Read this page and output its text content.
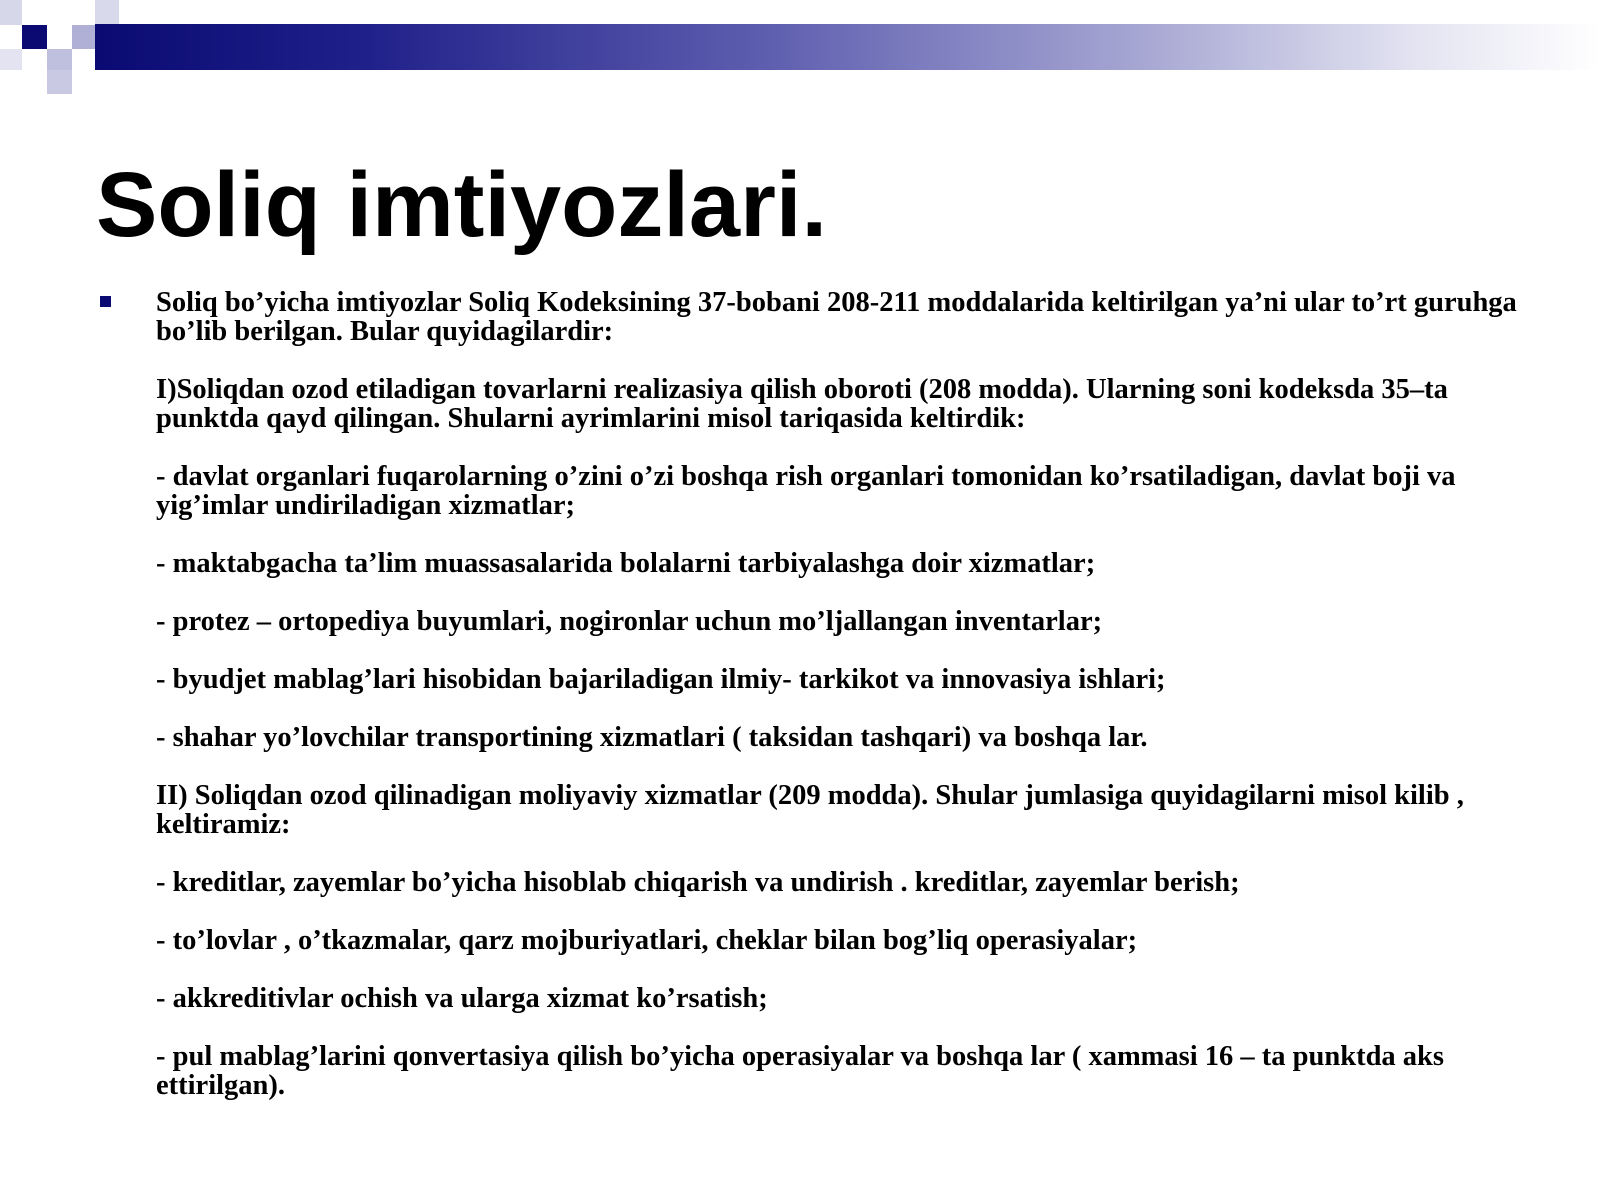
Soliq imtiyozlari.

Soliq bo’yicha imtiyozlar Soliq Kodeksining 37-bobani 208-211 moddalarida keltirilgan ya’ni ular to’rt guruhga bo’lib berilgan. Bular quyidagilardir:

I)Soliqdan ozod etiladigan tovarlarni realizasiya qilish oboroti (208 modda). Ularning soni kodeksda 35–ta punktda qayd qilingan. Shularni ayrimlarini misol tariqasida keltirdik:

- davlat organlari fuqarolarning o’zini o’zi boshqa rish organlari tomonidan ko’rsatiladigan, davlat boji va yig’imlar undiriladigan xizmatlar;

- maktabgacha ta’lim muassasalarida bolalarni tarbiyalashga doir xizmatlar;

- protez – ortopediya buyumlari, nogironlar uchun mo’ljallangan inventarlar;

- byudjet mablag’lari hisobidan bajariladigan ilmiy- tarkikot va innovasiya ishlari;

- shahar yo’lovchilar transportining xizmatlari ( taksidan tashqari) va boshqa lar.

II) Soliqdan ozod qilinadigan moliyaviy xizmatlar (209 modda). Shular jumlasiga quyidagilarni misol kilib , keltiramiz:

- kreditlar, zayemlar bo’yicha hisoblab chiqarish va undirish . kreditlar, zayemlar berish;

- to’lovlar , o’tkazmalar, qarz mojburiyatlari, cheklar bilan bog’liq operasiyalar;

- akkreditivlar ochish va ularga xizmat ko’rsatish;

- pul mablag’larini qonvertasiya qilish bo’yicha operasiyalar va boshqa lar ( xammasi 16 – ta punktda aks ettirilgan).
